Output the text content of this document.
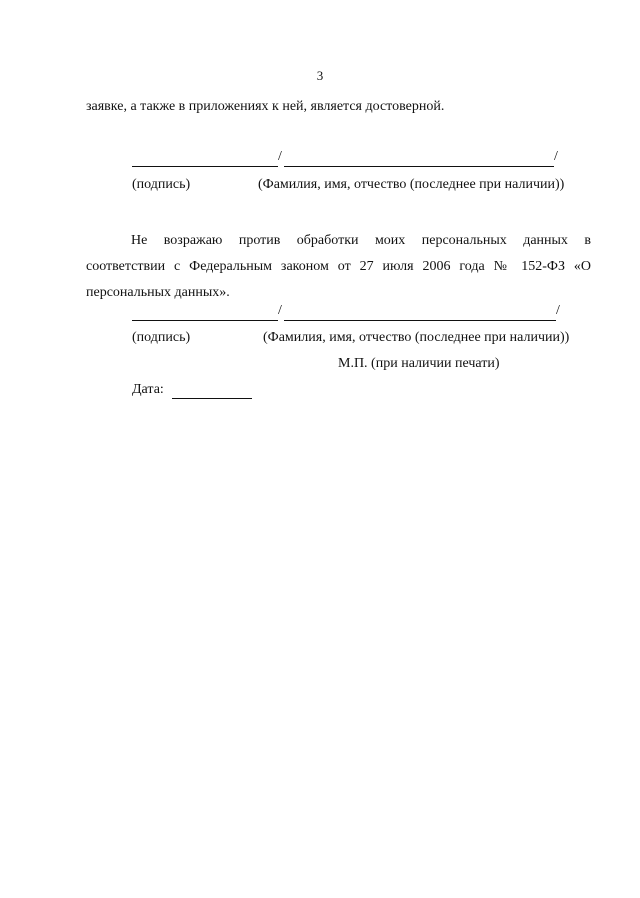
3
заявке, а также в приложениях к ней, является достоверной.
/	/
(подпись)	(Фамилия, имя, отчество (последнее при наличии))
Не возражаю против обработки моих персональных данных в
соответствии с Федеральным законом от 27 июля 2006 года № 152-ФЗ «О
персональных данных».
/	/
(подпись)	(Фамилия, имя, отчество (последнее при наличии))
М.П. (при наличии печати)
Дата:
